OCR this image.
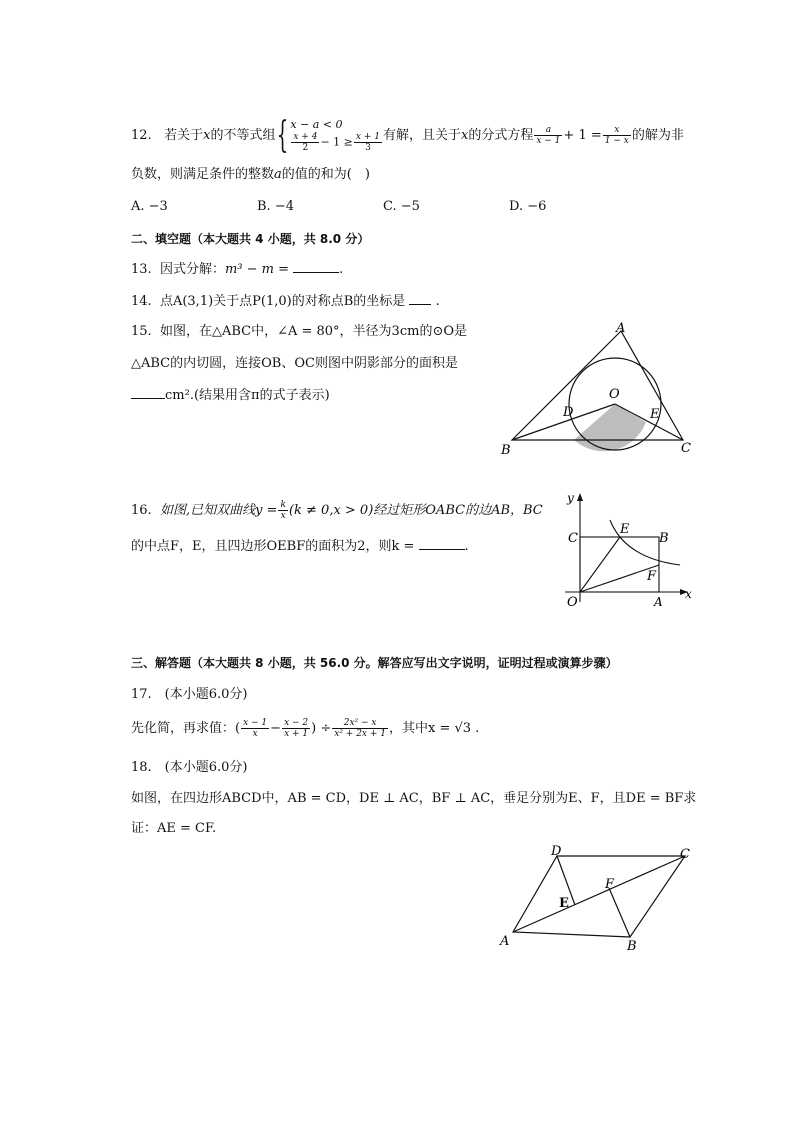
12. 若关于x的不等式组{ x − a < 0
$\frac{x + 4}{2} - 1 \ge \frac{x + 1}{3}$ 有解，且关于x的分式方程 $\frac{a}{x - 1} + 1 = \frac{x}{1 - x}$ 的解为非
负数，则满足条件的整数a的值的和为(　)
A. −3	B. −4	C. −5	D. −6
二、填空题（本大题共 4 小题，共 8.0 分）
13. 因式分解：m³ − m =	.
14. 点A(3,1)关于点P(1,0)的对称点B的坐标是 .
15. 如图，在△ABC中，∠A = 80°，半径为3cm的⊙O是
△ABC的内切圆，连接OB、OC则图中阴影部分的面积是
cm².(结果用含π的式子表示)
A
B	C
O
D	E
16. 如图,已知双曲线$y = \frac{k}{x} (k \ne 0,x > 0)$经过矩形OABC的边AB，BC
的中点F，E，且四边形OEBF的面积为2，则k =	.
y
x
C
E
B
F
O	A
三、解答题（本大题共 8 小题，共 56.0 分。解答应写出文字说明，证明过程或演算步骤）
17.　(本小题6.0分)
先化简，再求值：( $\frac{x - 1}{x} - \frac{x - 2}{x + 1}$ ) ÷ $\frac{\text{2x² − x}}{\text{x² + 2x + 1}}$ ，其中x = √3 .
18.　(本小题6.0分)
如图，在四边形ABCD中，AB = CD，DE ⊥ AC，BF ⊥ AC，垂足分别为E、F，且DE = BF求
证：AE = CF.
A	B
C
D
E
F
